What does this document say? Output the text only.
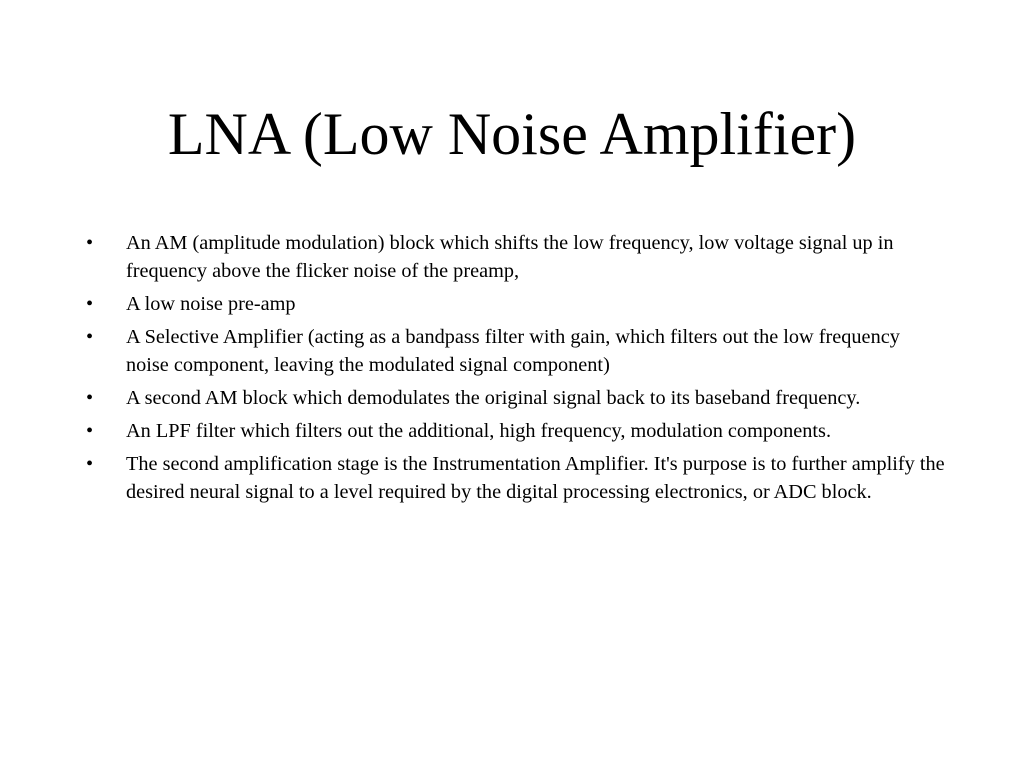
LNA (Low Noise Amplifier)
• An AM (amplitude modulation) block which shifts the low frequency, low voltage signal up in frequency above the flicker noise of the preamp,
• A low noise pre-amp
• A Selective Amplifier (acting as a bandpass filter with gain, which filters out the low frequency noise component, leaving the modulated signal component)
• A second AM block which demodulates the original signal back to its baseband frequency.
• An LPF filter which filters out the additional, high frequency, modulation components.
• The second amplification stage is the Instrumentation Amplifier. It's purpose is to further amplify the desired neural signal to a level required by the digital processing electronics, or ADC block.
